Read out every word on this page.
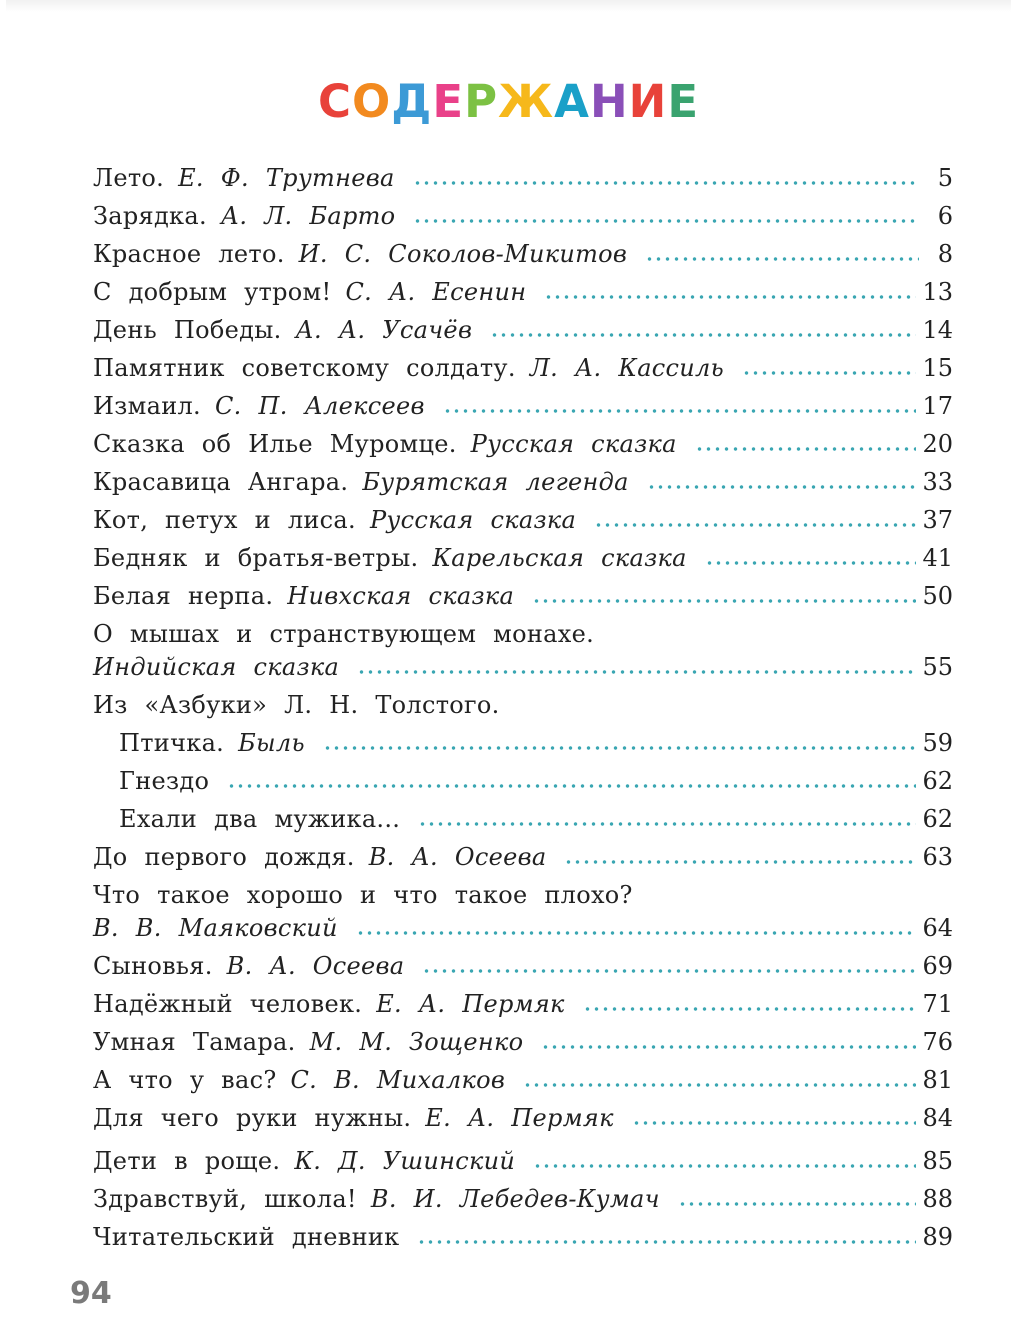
СОДЕРЖАНИЕ
Лето. Е. Ф. Трутнева	5
Зарядка. А. Л. Барто	6
Красное лето. И. С. Соколов-Микитов	8
С добрым утром! С. А. Есенин	13
День Победы. А. А. Усачёв	14
Памятник советскому солдату. Л. А. Кассиль	15
Измаил. С. П. Алексеев	17
Сказка об Илье Муромце. Русская сказка	20
Красавица Ангара. Бурятская легенда	33
Кот, петух и лиса. Русская сказка	37
Бедняк и братья-ветры. Карельская сказка	41
Белая нерпа. Нивхская сказка	50
О мышах и странствующем монахе.
Индийская сказка	55
Из «Азбуки» Л. Н. Толстого.
Птичка. Быль	59
Гнездо	62
Ехали два мужика...	62
До первого дождя. В. А. Осеева	63
Что такое хорошо и что такое плохо?
В. В. Маяковский	64
Сыновья. В. А. Осеева	69
Надёжный человек. Е. А. Пермяк	71
Умная Тамара. М. М. Зощенко	76
А что у вас? С. В. Михалков	81
Для чего руки нужны. Е. А. Пермяк	84
Дети в роще. К. Д. Ушинский	85
Здравствуй, школа! В. И. Лебедев-Кумач	88
Читательский дневник	89
94
